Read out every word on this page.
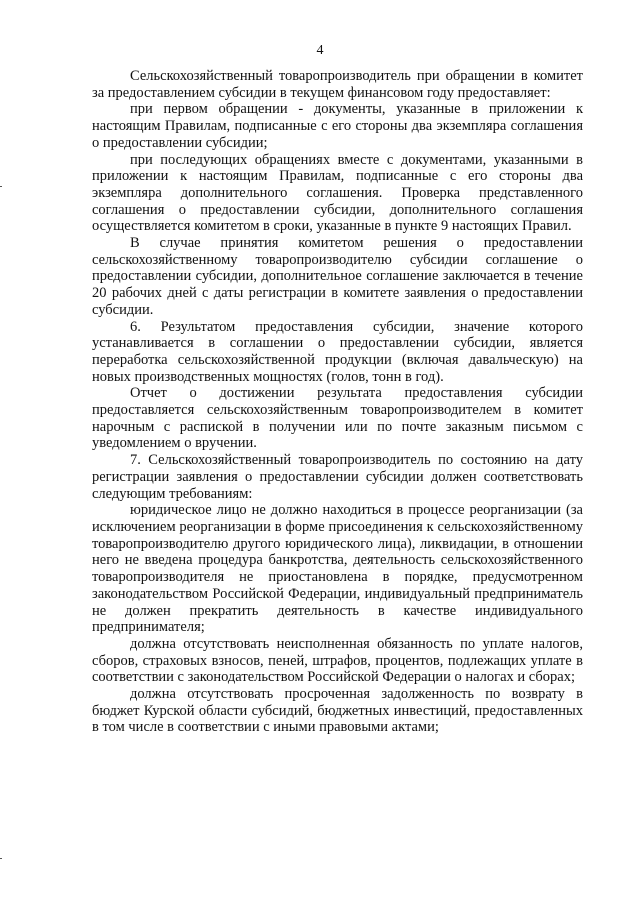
4

Сельскохозяйственный товаропроизводитель при обращении в комитет за предоставлением субсидии в текущем финансовом году предоставляет:

при первом обращении - документы, указанные в приложении к настоящим Правилам, подписанные с его стороны два экземпляра соглашения о предоставлении субсидии;

при последующих обращениях вместе с документами, указанными в приложении к настоящим Правилам, подписанные с его стороны два экземпляра дополнительного соглашения. Проверка представленного соглашения о предоставлении субсидии, дополнительного соглашения осуществляется комитетом в сроки, указанные в пункте 9 настоящих Правил.

В случае принятия комитетом решения о предоставлении сельскохозяйственному товаропроизводителю субсидии соглашение о предоставлении субсидии, дополнительное соглашение заключается в течение 20 рабочих дней с даты регистрации в комитете заявления о предоставлении субсидии.

6. Результатом предоставления субсидии, значение которого устанавливается в соглашении о предоставлении субсидии, является переработка сельскохозяйственной продукции (включая давальческую) на новых производственных мощностях (голов, тонн в год).

Отчет о достижении результата предоставления субсидии предоставляется сельскохозяйственным товаропроизводителем в комитет нарочным с распиской в получении или по почте заказным письмом с уведомлением о вручении.

7. Сельскохозяйственный товаропроизводитель по состоянию на дату регистрации заявления о предоставлении субсидии должен соответствовать следующим требованиям:

юридическое лицо не должно находиться в процессе реорганизации (за исключением реорганизации в форме присоединения к сельскохозяйственному товаропроизводителю другого юридического лица), ликвидации, в отношении него не введена процедура банкротства, деятельность сельскохозяйственного товаропроизводителя не приостановлена в порядке, предусмотренном законодательством Российской Федерации, индивидуальный предприниматель не должен прекратить деятельность в качестве индивидуального предпринимателя;

должна отсутствовать неисполненная обязанность по уплате налогов, сборов, страховых взносов, пеней, штрафов, процентов, подлежащих уплате в соответствии с законодательством Российской Федерации о налогах и сборах;

должна отсутствовать просроченная задолженность по возврату в бюджет Курской области субсидий, бюджетных инвестиций, предоставленных в том числе в соответствии с иными правовыми актами;
